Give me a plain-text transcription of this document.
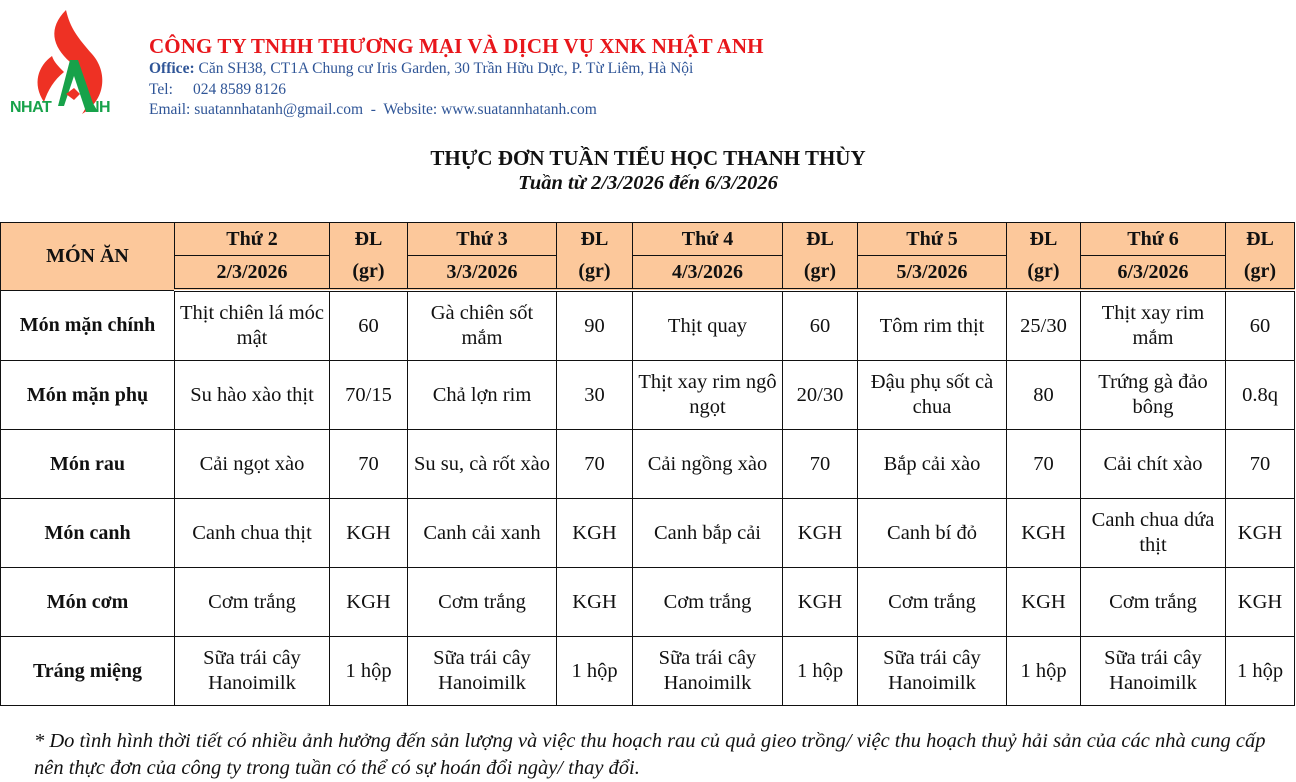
NHAT NH
CÔNG TY TNHH THƯƠNG MẠI VÀ DỊCH VỤ XNK NHẬT ANH
Office: Căn SH38, CT1A Chung cư Iris Garden, 30 Trần Hữu Dực, P. Từ Liêm, Hà Nội
Tel: 024 8589 8126
Email: suatannhatanh@gmail.com  -  Website: www.suatannhatanh.com
THỰC ĐƠN TUẦN TIỂU HỌC THANH THÙY
Tuần từ 2/3/2026 đến 6/3/2026
MÓN ĂN	Thứ 2	ĐL	Thứ 3	ĐL	Thứ 4	ĐL	Thứ 5	ĐL	Thứ 6	ĐL
	2/3/2026	(gr)	3/3/2026	(gr)	4/3/2026	(gr)	5/3/2026	(gr)	6/3/2026	(gr)
Món mặn chính	Thịt chiên lá móc mật	60	Gà chiên sốt mắm	90	Thịt quay	60	Tôm rim thịt	25/30	Thịt xay rim mắm	60
Món mặn phụ	Su hào xào thịt	70/15	Chả lợn rim	30	Thịt xay rim ngô ngọt	20/30	Đậu phụ sốt cà chua	80	Trứng gà đảo bông	0.8q
Món rau	Cải ngọt xào	70	Su su, cà rốt xào	70	Cải ngồng xào	70	Bắp cải xào	70	Cải chít xào	70
Món canh	Canh chua thịt	KGH	Canh cải xanh	KGH	Canh bắp cải	KGH	Canh bí đỏ	KGH	Canh chua dứa thịt	KGH
Món cơm	Cơm trắng	KGH	Cơm trắng	KGH	Cơm trắng	KGH	Cơm trắng	KGH	Cơm trắng	KGH
Tráng miệng	Sữa trái cây Hanoimilk	1 hộp	Sữa trái cây Hanoimilk	1 hộp	Sữa trái cây Hanoimilk	1 hộp	Sữa trái cây Hanoimilk	1 hộp	Sữa trái cây Hanoimilk	1 hộp
* Do tình hình thời tiết có nhiều ảnh hưởng đến sản lượng và việc thu hoạch rau củ quả gieo trồng/ việc thu hoạch thuỷ hải sản của các nhà cung cấp nên thực đơn của công ty trong tuần có thể có sự hoán đổi ngày/ thay đổi.
